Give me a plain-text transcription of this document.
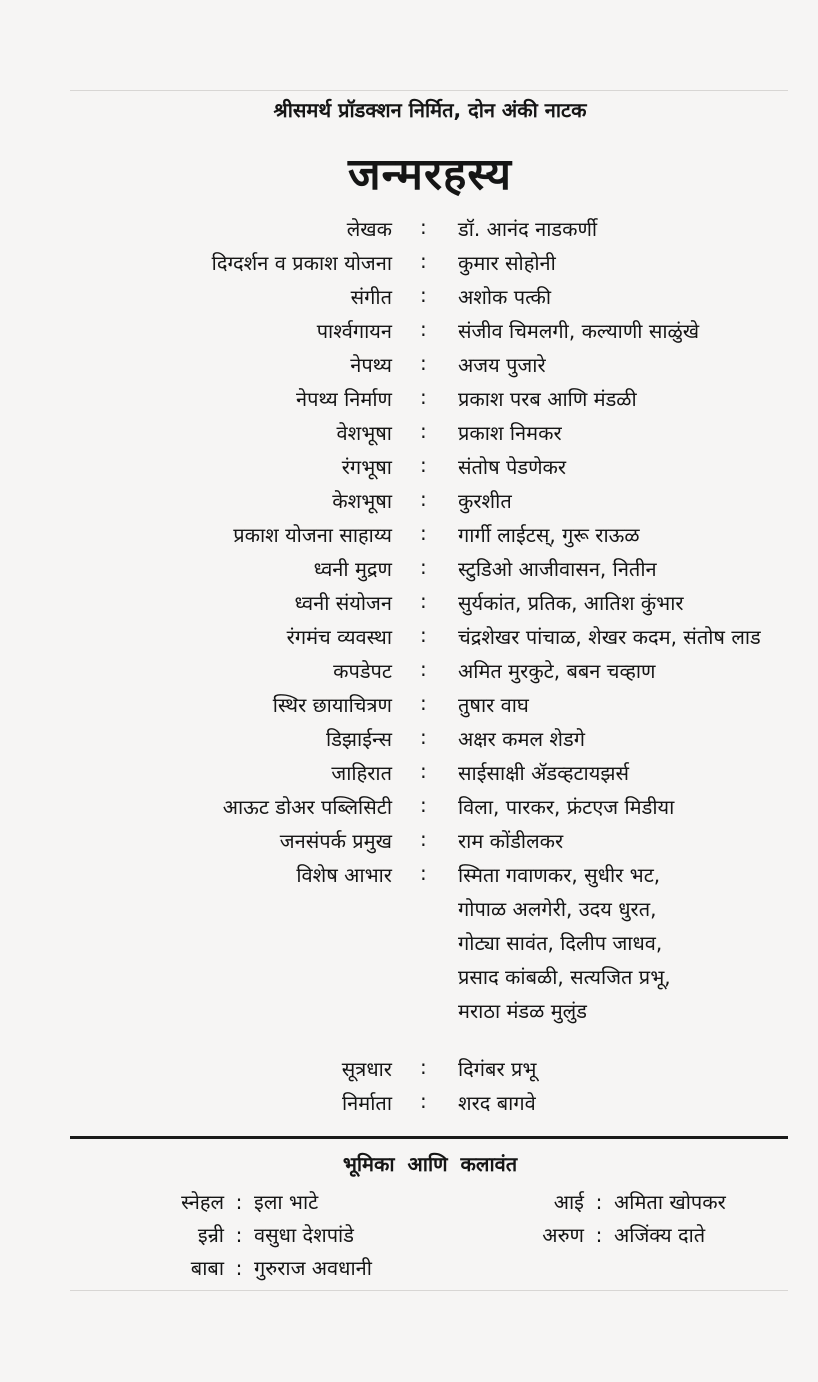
श्रीसमर्थ प्रॉडक्शन निर्मित, दोन अंकी नाटक
जन्मरहस्य
लेखक : डॉ. आनंद नाडकर्णी
दिग्दर्शन व प्रकाश योजना : कुमार सोहोनी
संगीत : अशोक पत्की
पार्श्वगायन : संजीव चिमलगी, कल्याणी साळुंखे
नेपथ्य : अजय पुजारे
नेपथ्य निर्माण : प्रकाश परब आणि मंडळी
वेशभूषा : प्रकाश निमकर
रंगभूषा : संतोष पेडणेकर
केशभूषा : कुरशीत
प्रकाश योजना साहाय्य : गार्गी लाईटस्, गुरू राऊळ
ध्वनी मुद्रण : स्टुडिओ आजीवासन, नितीन
ध्वनी संयोजन : सुर्यकांत, प्रतिक, आतिश कुंभार
रंगमंच व्यवस्था : चंद्रशेखर पांचाळ, शेखर कदम, संतोष लाड
कपडेपट : अमित मुरकुटे, बबन चव्हाण
स्थिर छायाचित्रण : तुषार वाघ
डिझाईन्स : अक्षर कमल शेडगे
जाहिरात : साईसाक्षी ॲडव्हटायझर्स
आऊट डोअर पब्लिसिटी : विला, पारकर, फ्रंटएज मिडीया
जनसंपर्क प्रमुख : राम कोंडीलकर
विशेष आभार : स्मिता गवाणकर, सुधीर भट,
गोपाळ अलगेरी, उदय धुरत,
गोट्या सावंत, दिलीप जाधव,
प्रसाद कांबळी, सत्यजित प्रभू,
मराठा मंडळ मुलुंड
सूत्रधार : दिगंबर प्रभू
निर्माता : शरद बागवे
भूमिका आणि कलावंत
स्नेहल : इला भाटे	आई : अमिता खोपकर
इन्री : वसुधा देशपांडे	अरुण : अजिंक्य दाते
बाबा : गुरुराज अवधानी
